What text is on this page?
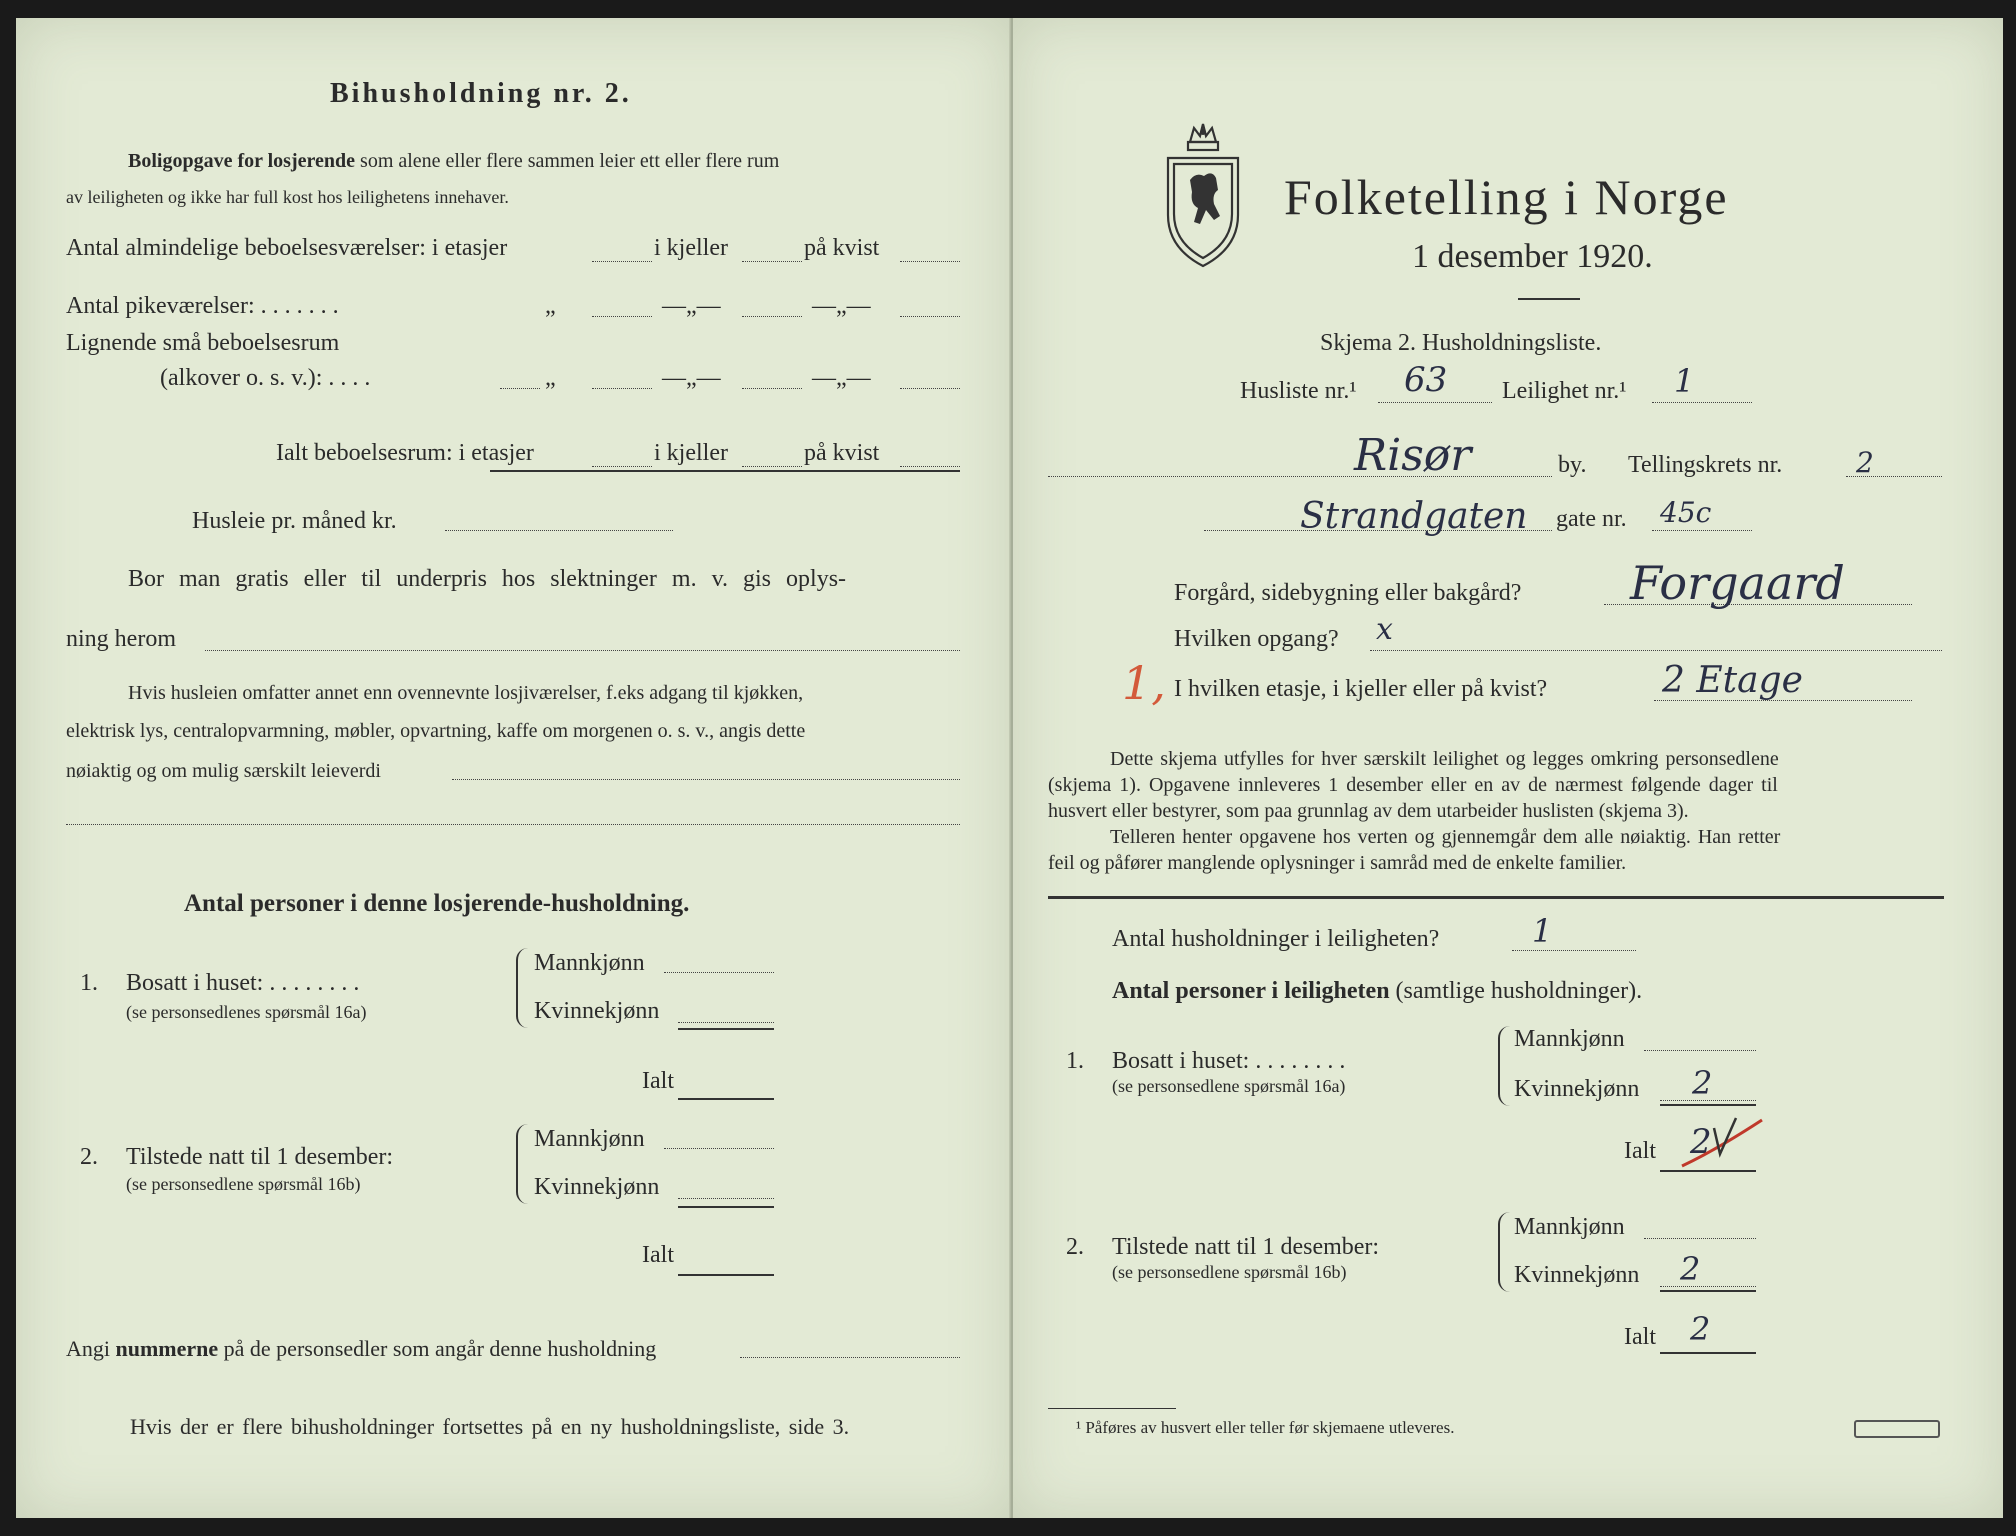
Bihusholdning nr. 2.
Boligopgave for losjerende som alene eller flere sammen leier ett eller flere rum
av leiligheten og ikke har full kost hos leilighetens innehaver.
Antal almindelige beboelsesværelser: i etasjer	i kjeller	på kvist
Antal pikeværelser: . . . . . . .	„	—„—	—„—
Lignende små beboelsesrum
(alkover o. s. v.): . . . .	„	—„—	—„—
Ialt beboelsesrum: i etasjer	i kjeller	på kvist
Husleie pr. måned kr.
Bor man gratis eller til underpris hos slektninger m. v. gis oplys-
ning herom
Hvis husleien omfatter annet enn ovennevnte losjiværelser, f.eks adgang til kjøkken,
elektrisk lys, centralopvarmning, møbler, opvartning, kaffe om morgenen o. s. v., angis dette
nøiaktig og om mulig særskilt leieverdi
Antal personer i denne losjerende-husholdning.
1. Bosatt i huset: . . . . . . . .
(se personsedlenes spørsmål 16a)
Mannkjønn
Kvinnekjønn
Ialt
2. Tilstede natt til 1 desember:
(se personsedlene spørsmål 16b)
Mannkjønn
Kvinnekjønn
Ialt
Angi nummerne på de personsedler som angår denne husholdning
Hvis der er flere bihusholdninger fortsettes på en ny husholdningsliste, side 3.
Folketelling i Norge
1 desember 1920.
Skjema 2. Husholdningsliste.
Husliste nr.¹ 63 Leilighet nr.¹ 1
Risør	by. Tellingskrets nr.	2
Strandgaten gate nr. 45c
Forgård, sidebygning eller bakgård? Forgaard
Hvilken opgang? x
1, I hvilken etasje, i kjeller eller på kvist?	2 Etage
Dette skjema utfylles for hver særskilt leilighet og legges omkring personsedlene
(skjema 1). Opgavene innleveres 1 desember eller en av de nærmest følgende dager til
husvert eller bestyrer, som paa grunnlag av dem utarbeider huslisten (skjema 3).
Telleren henter opgavene hos verten og gjennemgår dem alle nøiaktig. Han retter
feil og påfører manglende oplysninger i samråd med de enkelte familier.
Antal husholdninger i leiligheten?	1
Antal personer i leiligheten (samtlige husholdninger).
1. Bosatt i huset: . . . . . . . .
(se personsedlene spørsmål 16a)
Mannkjønn
Kvinnekjønn 2
Ialt 2
2. Tilstede natt til 1 desember:
(se personsedlene spørsmål 16b)
Mannkjønn
Kvinnekjønn 2
Ialt 2
¹ Påføres av husvert eller teller før skjemaene utleveres.
